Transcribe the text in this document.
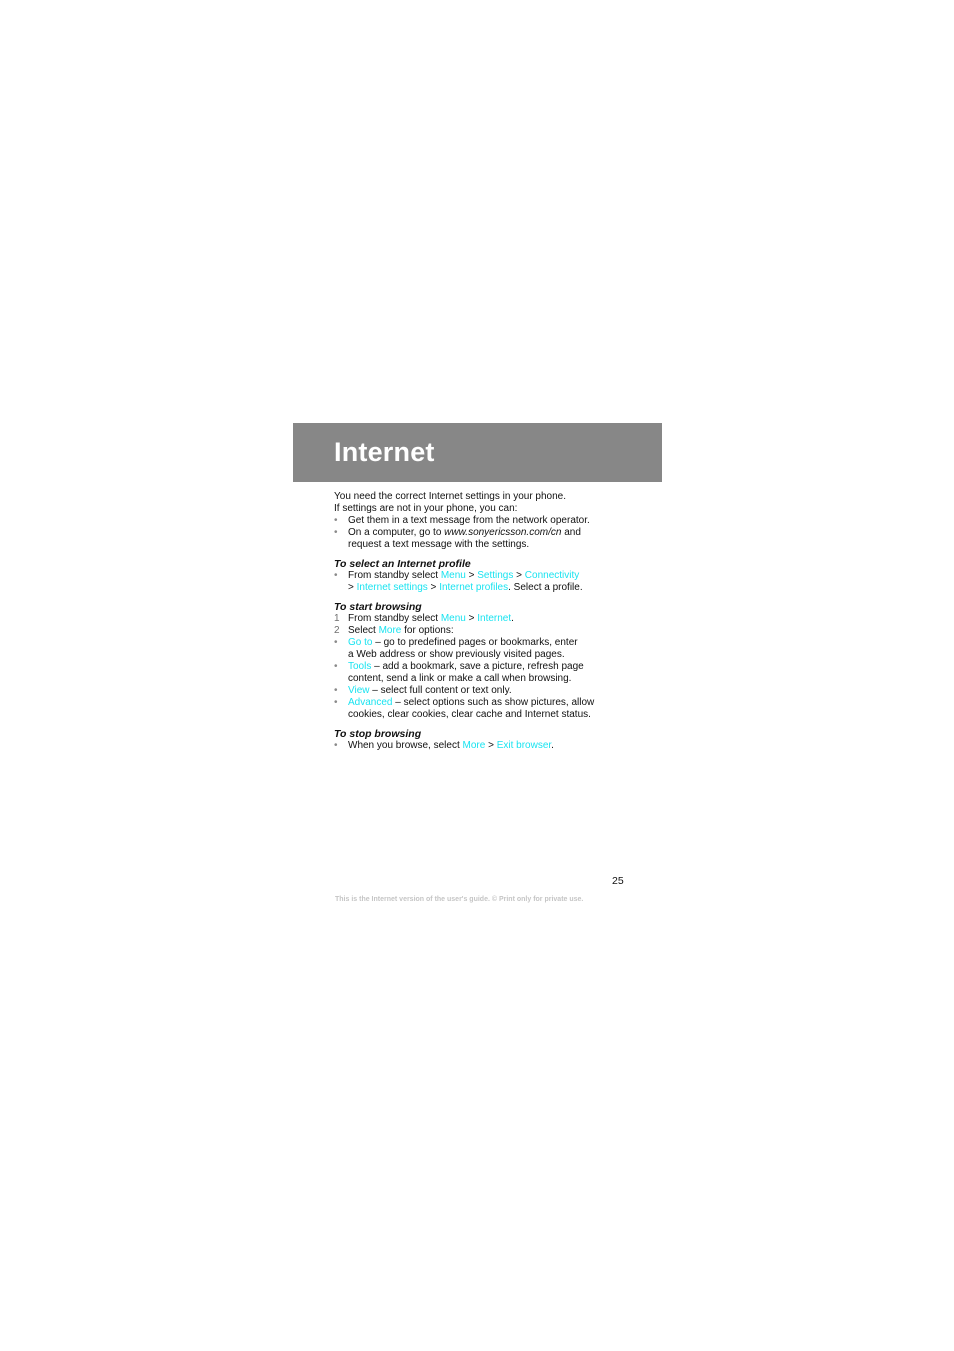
Internet

You need the correct Internet settings in your phone.

If settings are not in your phone, you can:

• Get them in a text message from the network operator.
• On a computer, go to www.sonyericsson.com/cn and
request a text message with the settings.

To select an Internet profile

• From standby select Menu > Settings > Connectivity
> Internet settings > Internet profiles. Select a profile.

To start browsing

1 From standby select Menu > Internet.
2 Select More for options:
• Go to – go to predefined pages or bookmarks, enter
a Web address or show previously visited pages.
• Tools – add a bookmark, save a picture, refresh page
content, send a link or make a call when browsing.
• View – select full content or text only.
• Advanced – select options such as show pictures, allow
cookies, clear cookies, clear cache and Internet status.

To stop browsing

• When you browse, select More > Exit browser.
25
This is the Internet version of the user's guide. © Print only for private use.
